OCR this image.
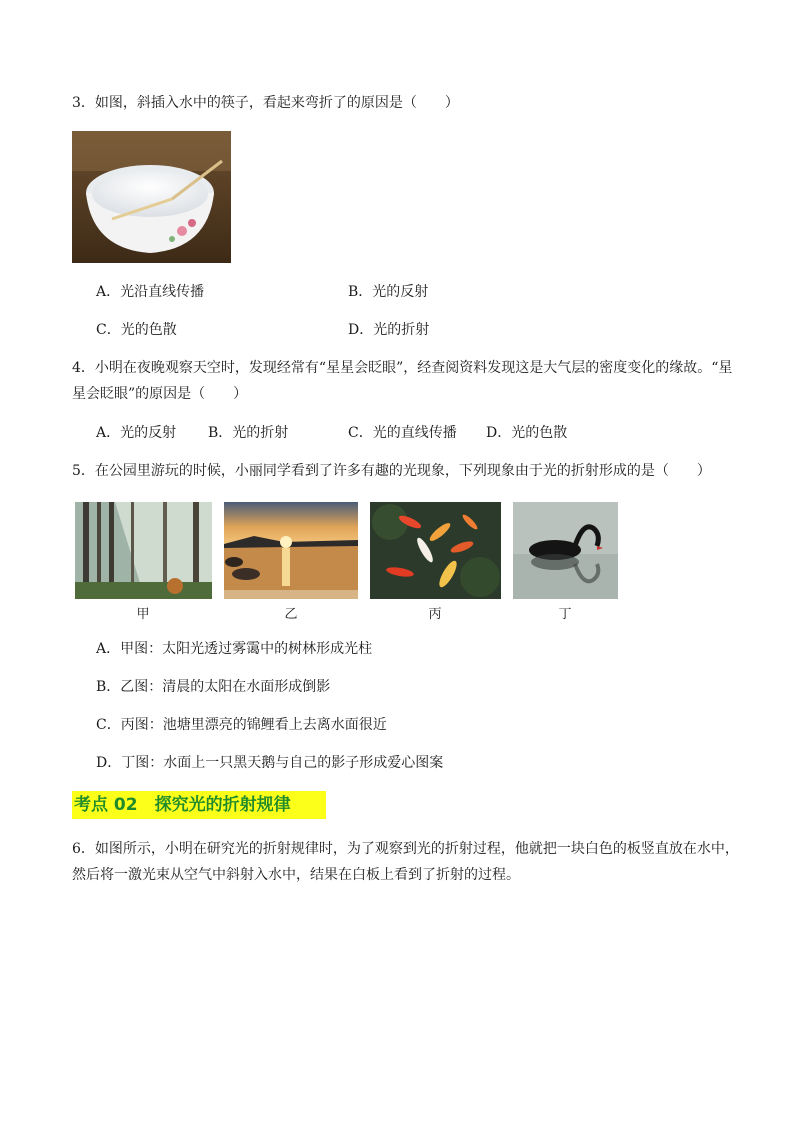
3．如图，斜插入水中的筷子，看起来弯折了的原因是（　　）
A．光沿直线传播	B．光的反射
C．光的色散	D．光的折射
4．小明在夜晚观察天空时，发现经常有“星星会眨眼”，经查阅资料发现这是大气层的密度变化的缘故。“星
星会眨眼”的原因是（　　）
A．光的反射 B．光的折射	C．光的直线传播 D．光的色散
5．在公园里游玩的时候，小丽同学看到了许多有趣的光现象，下列现象由于光的折射形成的是（　　）
甲	乙	丙	丁
A．甲图：太阳光透过雾霭中的树林形成光柱
B．乙图：清晨的太阳在水面形成倒影
C．丙图：池塘里漂亮的锦鲤看上去离水面很近
D．丁图：水面上一只黑天鹅与自己的影子形成爱心图案
考点 02　探究光的折射规律
6．如图所示，小明在研究光的折射规律时，为了观察到光的折射过程，他就把一块白色的板竖直放在水中，
然后将一激光束从空气中斜射入水中，结果在白板上看到了折射的过程。
